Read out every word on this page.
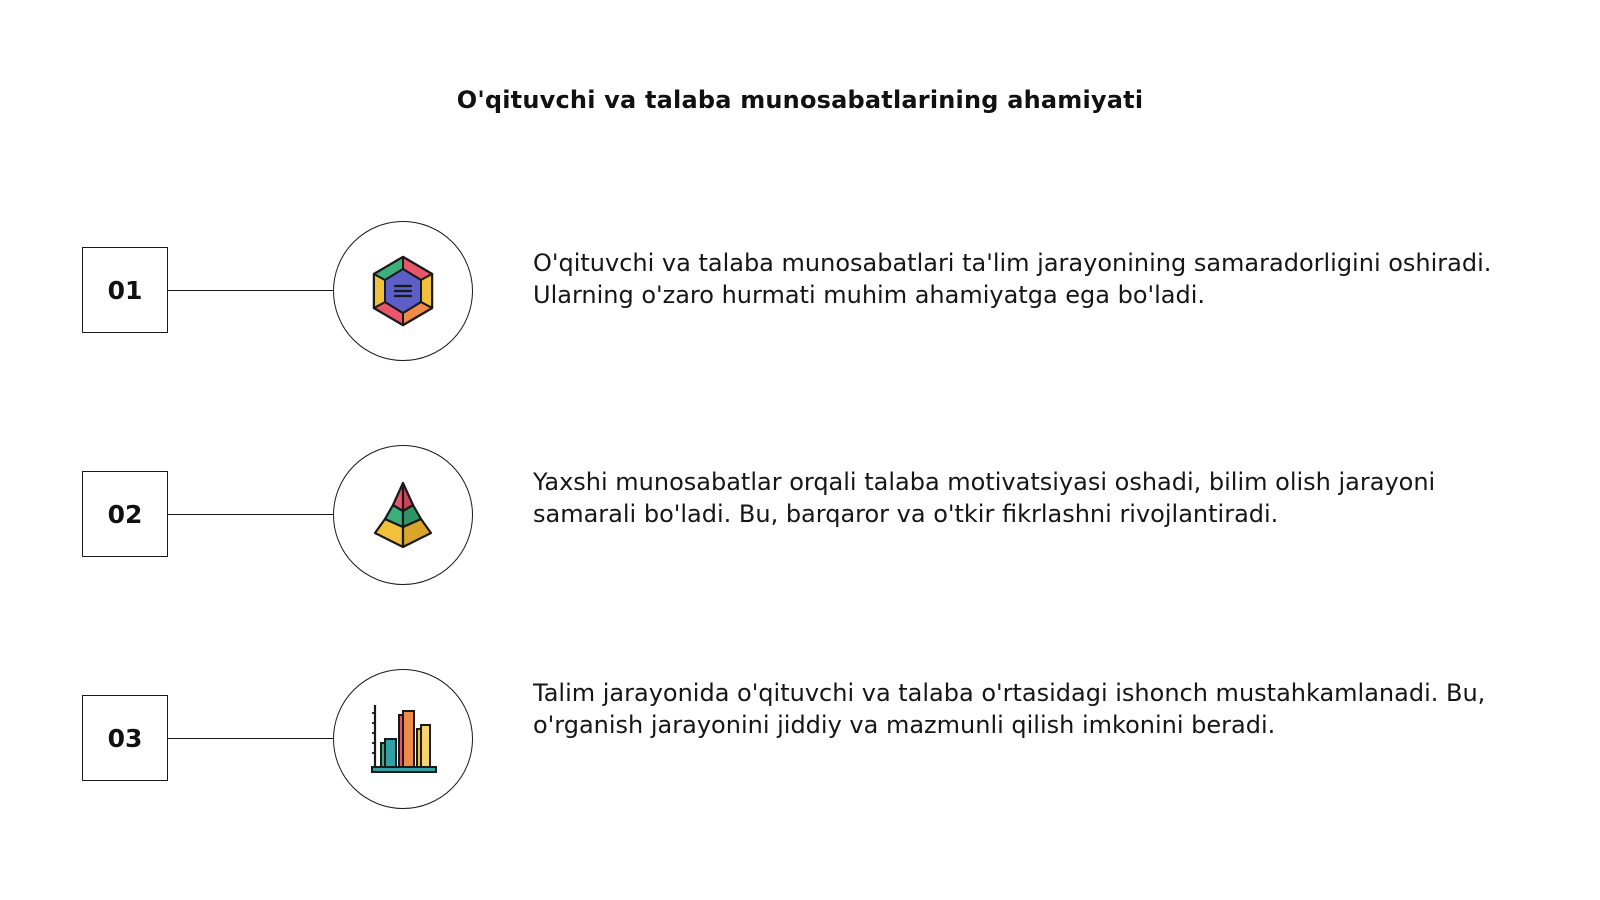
O'qituvchi va talaba munosabatlarining ahamiyati
01
O'qituvchi va talaba munosabatlari ta'lim jarayonining samaradorligini oshiradi. Ularning o'zaro hurmati muhim ahamiyatga ega bo'ladi.
02
Yaxshi munosabatlar orqali talaba motivatsiyasi oshadi, bilim olish jarayoni samarali bo'ladi. Bu, barqaror va o'tkir fikrlashni rivojlantiradi.
03
Talim jarayonida o'qituvchi va talaba o'rtasidagi ishonch mustahkamlanadi. Bu, o'rganish jarayonini jiddiy va mazmunli qilish imkonini beradi.
